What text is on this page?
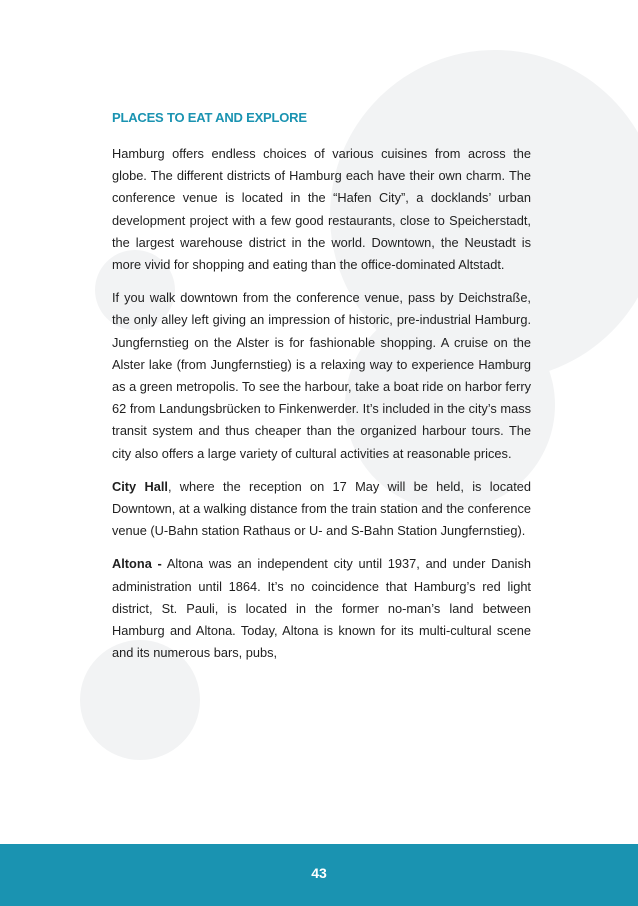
PLACES TO EAT AND EXPLORE

Hamburg offers endless choices of various cuisines from across the globe. The different districts of Hamburg each have their own charm. The conference venue is located in the “Hafen City”, a docklands’ urban development project with a few good restaurants, close to Speicherstadt, the largest warehouse district in the world. Downtown, the Neustadt is more vivid for shopping and eating than the office-dominated Altstadt.

If you walk downtown from the conference venue, pass by Deichstraße, the only alley left giving an impression of historic, pre-industrial Hamburg. Jungfernstieg on the Alster is for fashionable shopping. A cruise on the Alster lake (from Jungfernstieg) is a relaxing way to experience Hamburg as a green metropolis. To see the harbour, take a boat ride on harbor ferry 62 from Landungsbrücken to Finkenwerder. It’s included in the city’s mass transit system and thus cheaper than the organized harbour tours. The city also offers a large variety of cultural activities at reasonable prices.

City Hall, where the reception on 17 May will be held, is located Downtown, at a walking distance from the train station and the conference venue (U-Bahn station Rathaus or U- and S-Bahn Station Jungfernstieg).

Altona - Altona was an independent city until 1937, and under Danish administration until 1864. It’s no coincidence that Hamburg’s red light district, St. Pauli, is located in the former no-man’s land between Hamburg and Altona. Today, Altona is known for its multi-cultural scene and its numerous bars, pubs,

43
